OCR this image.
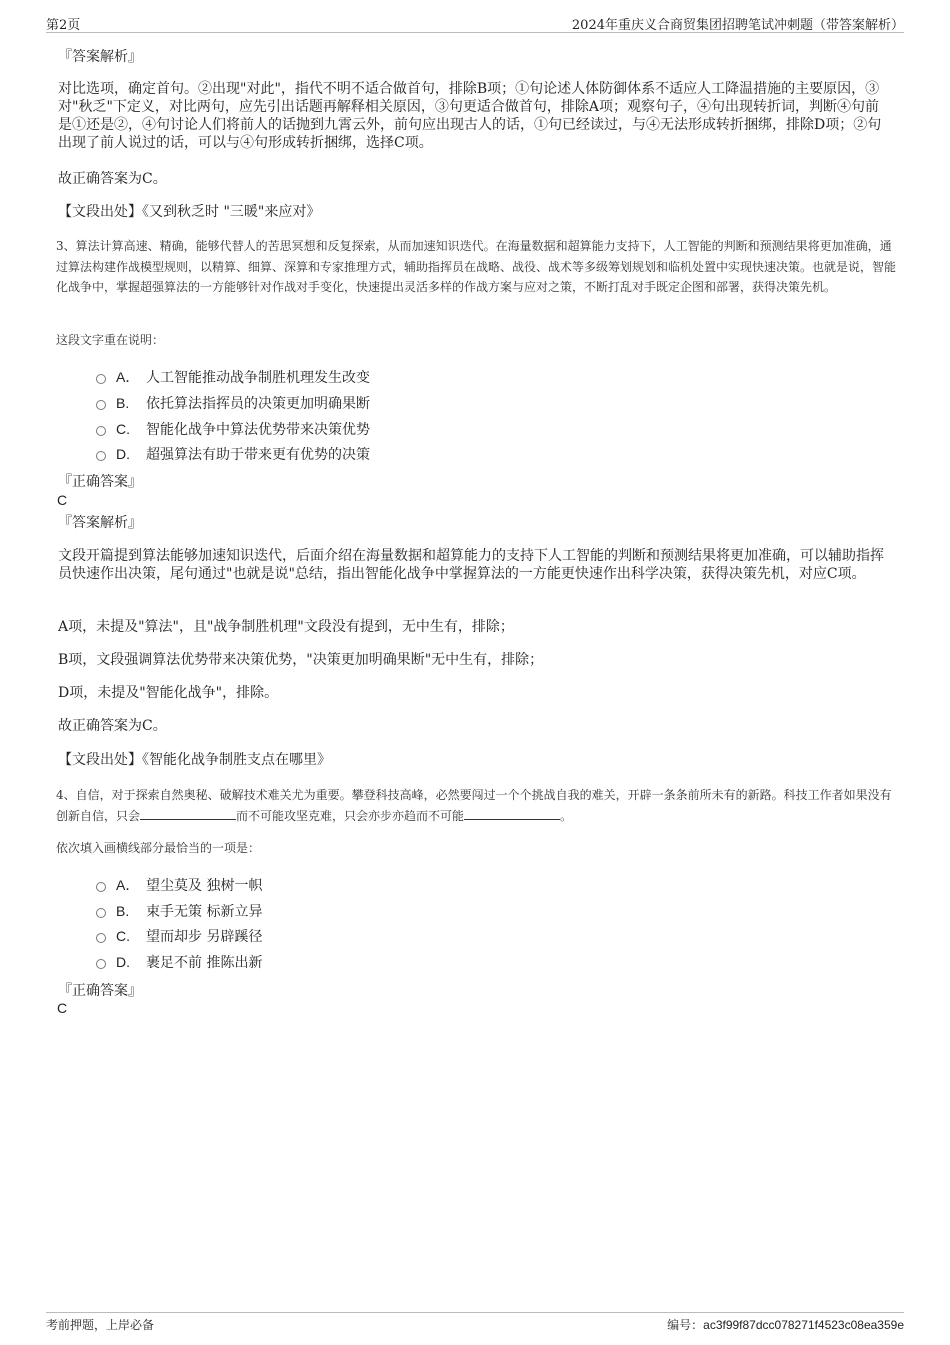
第2页	2024年重庆义合商贸集团招聘笔试冲刺题（带答案解析）
『答案解析』
对比选项，确定首句。②出现"对此"，指代不明不适合做首句，排除B项；①句论述人体防御体系不适应人工降温措施的主要原因，③对"秋乏"下定义，对比两句，应先引出话题再解释相关原因，③句更适合做首句，排除A项；观察句子，④句出现转折词，判断④句前是①还是②，④句讨论人们将前人的话抛到九霄云外，前句应出现古人的话，①句已经读过，与④无法形成转折捆绑，排除D项；②句出现了前人说过的话，可以与④句形成转折捆绑，选择C项。
故正确答案为C。
【文段出处】《又到秋乏时 "三暖"来应对》
3、算法计算高速、精确，能够代替人的苦思冥想和反复探索，从而加速知识迭代。在海量数据和超算能力支持下，人工智能的判断和预测结果将更加准确，通过算法构建作战模型规则，以精算、细算、深算和专家推理方式，辅助指挥员在战略、战役、战术等多级筹划规划和临机处置中实现快速决策。也就是说，智能化战争中，掌握超强算法的一方能够针对作战对手变化，快速提出灵活多样的作战方案与应对之策，不断打乱对手既定企图和部署，获得决策先机。
这段文字重在说明：
A． 人工智能推动战争制胜机理发生改变
B. 依托算法指挥员的决策更加明确果断
C. 智能化战争中算法优势带来决策优势
D. 超强算法有助于带来更有优势的决策
『正确答案』
C
『答案解析』
文段开篇提到算法能够加速知识迭代，后面介绍在海量数据和超算能力的支持下人工智能的判断和预测结果将更加准确，可以辅助指挥员快速作出决策，尾句通过"也就是说"总结，指出智能化战争中掌握算法的一方能更快速作出科学决策，获得决策先机，对应C项。
A项，未提及"算法"，且"战争制胜机理"文段没有提到，无中生有，排除；
B项，文段强调算法优势带来决策优势，"决策更加明确果断"无中生有，排除；
D项，未提及"智能化战争"，排除。
故正确答案为C。
【文段出处】《智能化战争制胜支点在哪里》
4、自信，对于探索自然奥秘、破解技术难关尤为重要。攀登科技高峰，必然要闯过一个个挑战自我的难关，开辟一条条前所未有的新路。科技工作者如果没有创新自信，只会	而不可能攻坚克难，只会亦步亦趋而不可能	。
依次填入画横线部分最恰当的一项是：
A． 望尘莫及 独树一帜
B. 束手无策 标新立异
C. 望而却步 另辟蹊径
D. 裹足不前 推陈出新
『正确答案』
C
考前押题，上岸必备	编号：ac3f99f87dcc078271f4523c08ea359e
